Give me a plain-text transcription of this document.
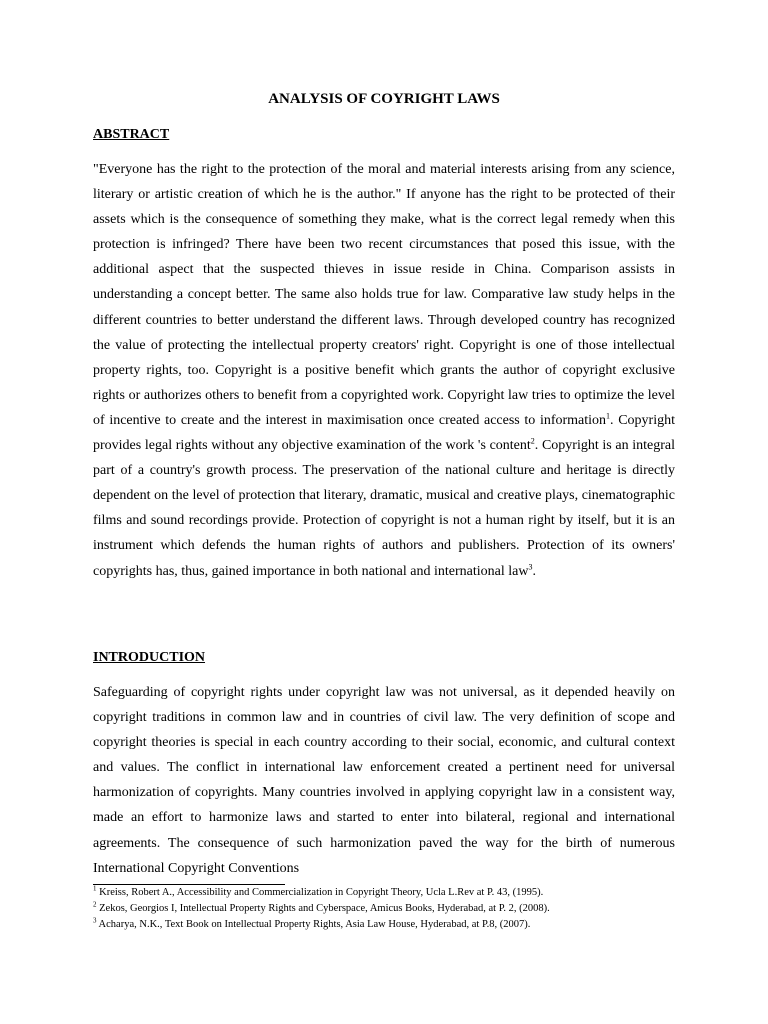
ANALYSIS OF COYRIGHT LAWS
ABSTRACT

"Everyone has the right to the protection of the moral and material interests arising from any science, literary or artistic creation of which he is the author." If anyone has the right to be protected of their assets which is the consequence of something they make, what is the correct legal remedy when this protection is infringed? There have been two recent circumstances that posed this issue, with the additional aspect that the suspected thieves in issue reside in China. Comparison assists in understanding a concept better. The same also holds true for law. Comparative law study helps in the different countries to better understand the different laws. Through developed country has recognized the value of protecting the intellectual property creators' right. Copyright is one of those intellectual property rights, too. Copyright is a positive benefit which grants the author of copyright exclusive rights or authorizes others to benefit from a copyrighted work. Copyright law tries to optimize the level of incentive to create and the interest in maximisation once created access to information$^1$. Copyright provides legal rights without any objective examination of the work 's content$^2$. Copyright is an integral part of a country's growth process. The preservation of the national culture and heritage is directly dependent on the level of protection that literary, dramatic, musical and creative plays, cinematographic films and sound recordings provide. Protection of copyright is not a human right by itself, but it is an instrument which defends the human rights of authors and publishers. Protection of its owners' copyrights has, thus, gained importance in both national and international law$^3$.

INTRODUCTION

Safeguarding of copyright rights under copyright law was not universal, as it depended heavily on copyright traditions in common law and in countries of civil law. The very definition of scope and copyright theories is special in each country according to their social, economic, and cultural context and values. The conflict in international law enforcement created a pertinent need for universal harmonization of copyrights. Many countries involved in applying copyright law in a consistent way, made an effort to harmonize laws and started to enter into bilateral, regional and international agreements. The consequence of such harmonization paved the way for the birth of numerous International Copyright Conventions

$^1$ Kreiss, Robert A., Accessibility and Commercialization in Copyright Theory, Ucla L.Rev at P. 43, (1995).
$^2$ Zekos, Georgios I, Intellectual Property Rights and Cyberspace, Amicus Books, Hyderabad, at P. 2, (2008).
$^3$ Acharya, N.K., Text Book on Intellectual Property Rights, Asia Law House, Hyderabad, at P.8, (2007).
